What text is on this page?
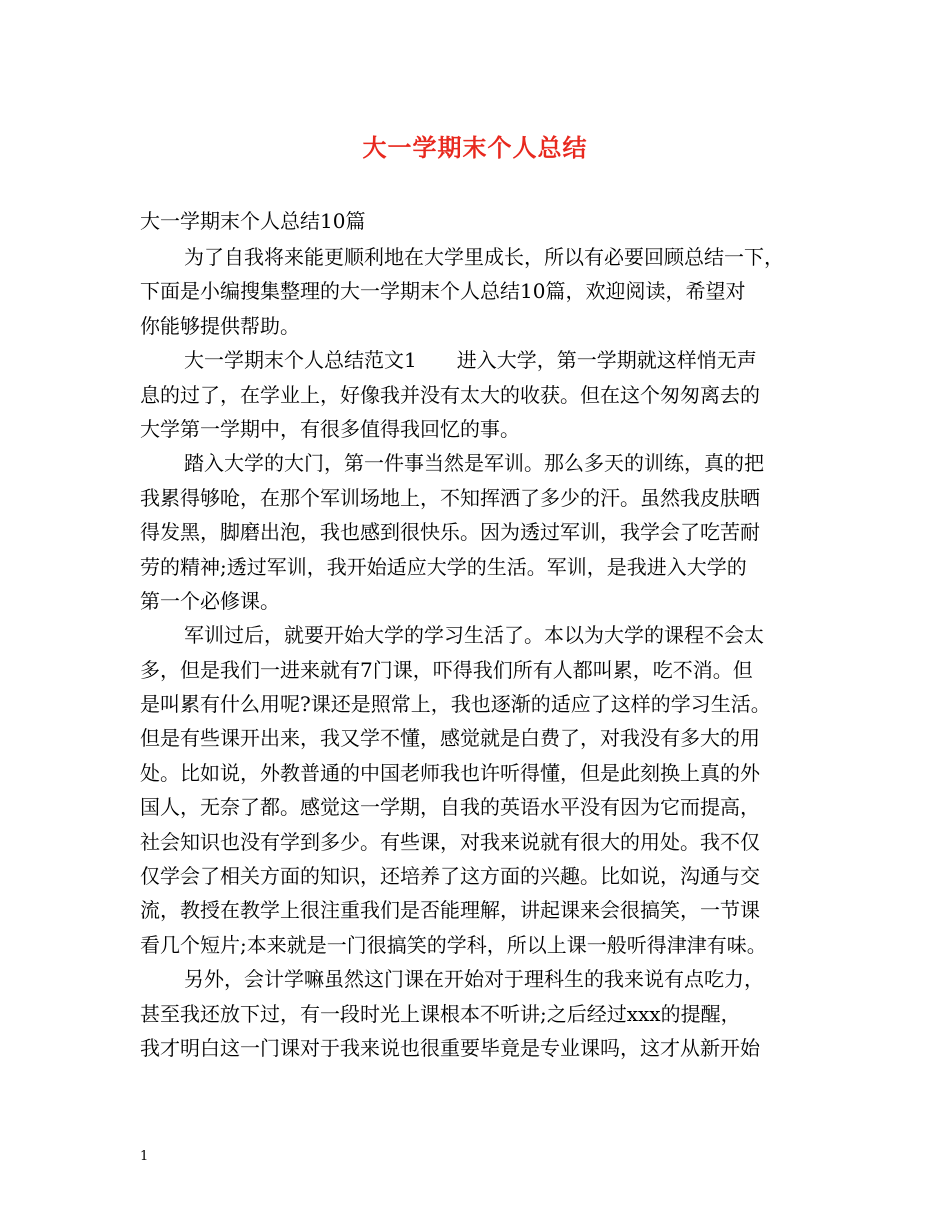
大一学期末个人总结
大一学期末个人总结10篇
为了自我将来能更顺利地在大学里成长，所以有必要回顾总结一下，
下面是小编搜集整理的大一学期末个人总结10篇，欢迎阅读，希望对
你能够提供帮助。
大一学期末个人总结范文1　　进入大学，第一学期就这样悄无声
息的过了，在学业上，好像我并没有太大的收获。但在这个匆匆离去的
大学第一学期中，有很多值得我回忆的事。
踏入大学的大门，第一件事当然是军训。那么多天的训练，真的把
我累得够呛，在那个军训场地上，不知挥洒了多少的汗。虽然我皮肤晒
得发黑，脚磨出泡，我也感到很快乐。因为透过军训，我学会了吃苦耐
劳的精神;透过军训，我开始适应大学的生活。军训，是我进入大学的
第一个必修课。
军训过后，就要开始大学的学习生活了。本以为大学的课程不会太
多，但是我们一进来就有7门课，吓得我们所有人都叫累，吃不消。但
是叫累有什么用呢?课还是照常上，我也逐渐的适应了这样的学习生活。
但是有些课开出来，我又学不懂，感觉就是白费了，对我没有多大的用
处。比如说，外教普通的中国老师我也许听得懂，但是此刻换上真的外
国人，无奈了都。感觉这一学期，自我的英语水平没有因为它而提高，
社会知识也没有学到多少。有些课，对我来说就有很大的用处。我不仅
仅学会了相关方面的知识，还培养了这方面的兴趣。比如说，沟通与交
流，教授在教学上很注重我们是否能理解，讲起课来会很搞笑，一节课
看几个短片;本来就是一门很搞笑的学科，所以上课一般听得津津有味。
另外，会计学嘛虽然这门课在开始对于理科生的我来说有点吃力，
甚至我还放下过，有一段时光上课根本不听讲;之后经过xxx的提醒，
我才明白这一门课对于我来说也很重要毕竟是专业课吗，这才从新开始
1
